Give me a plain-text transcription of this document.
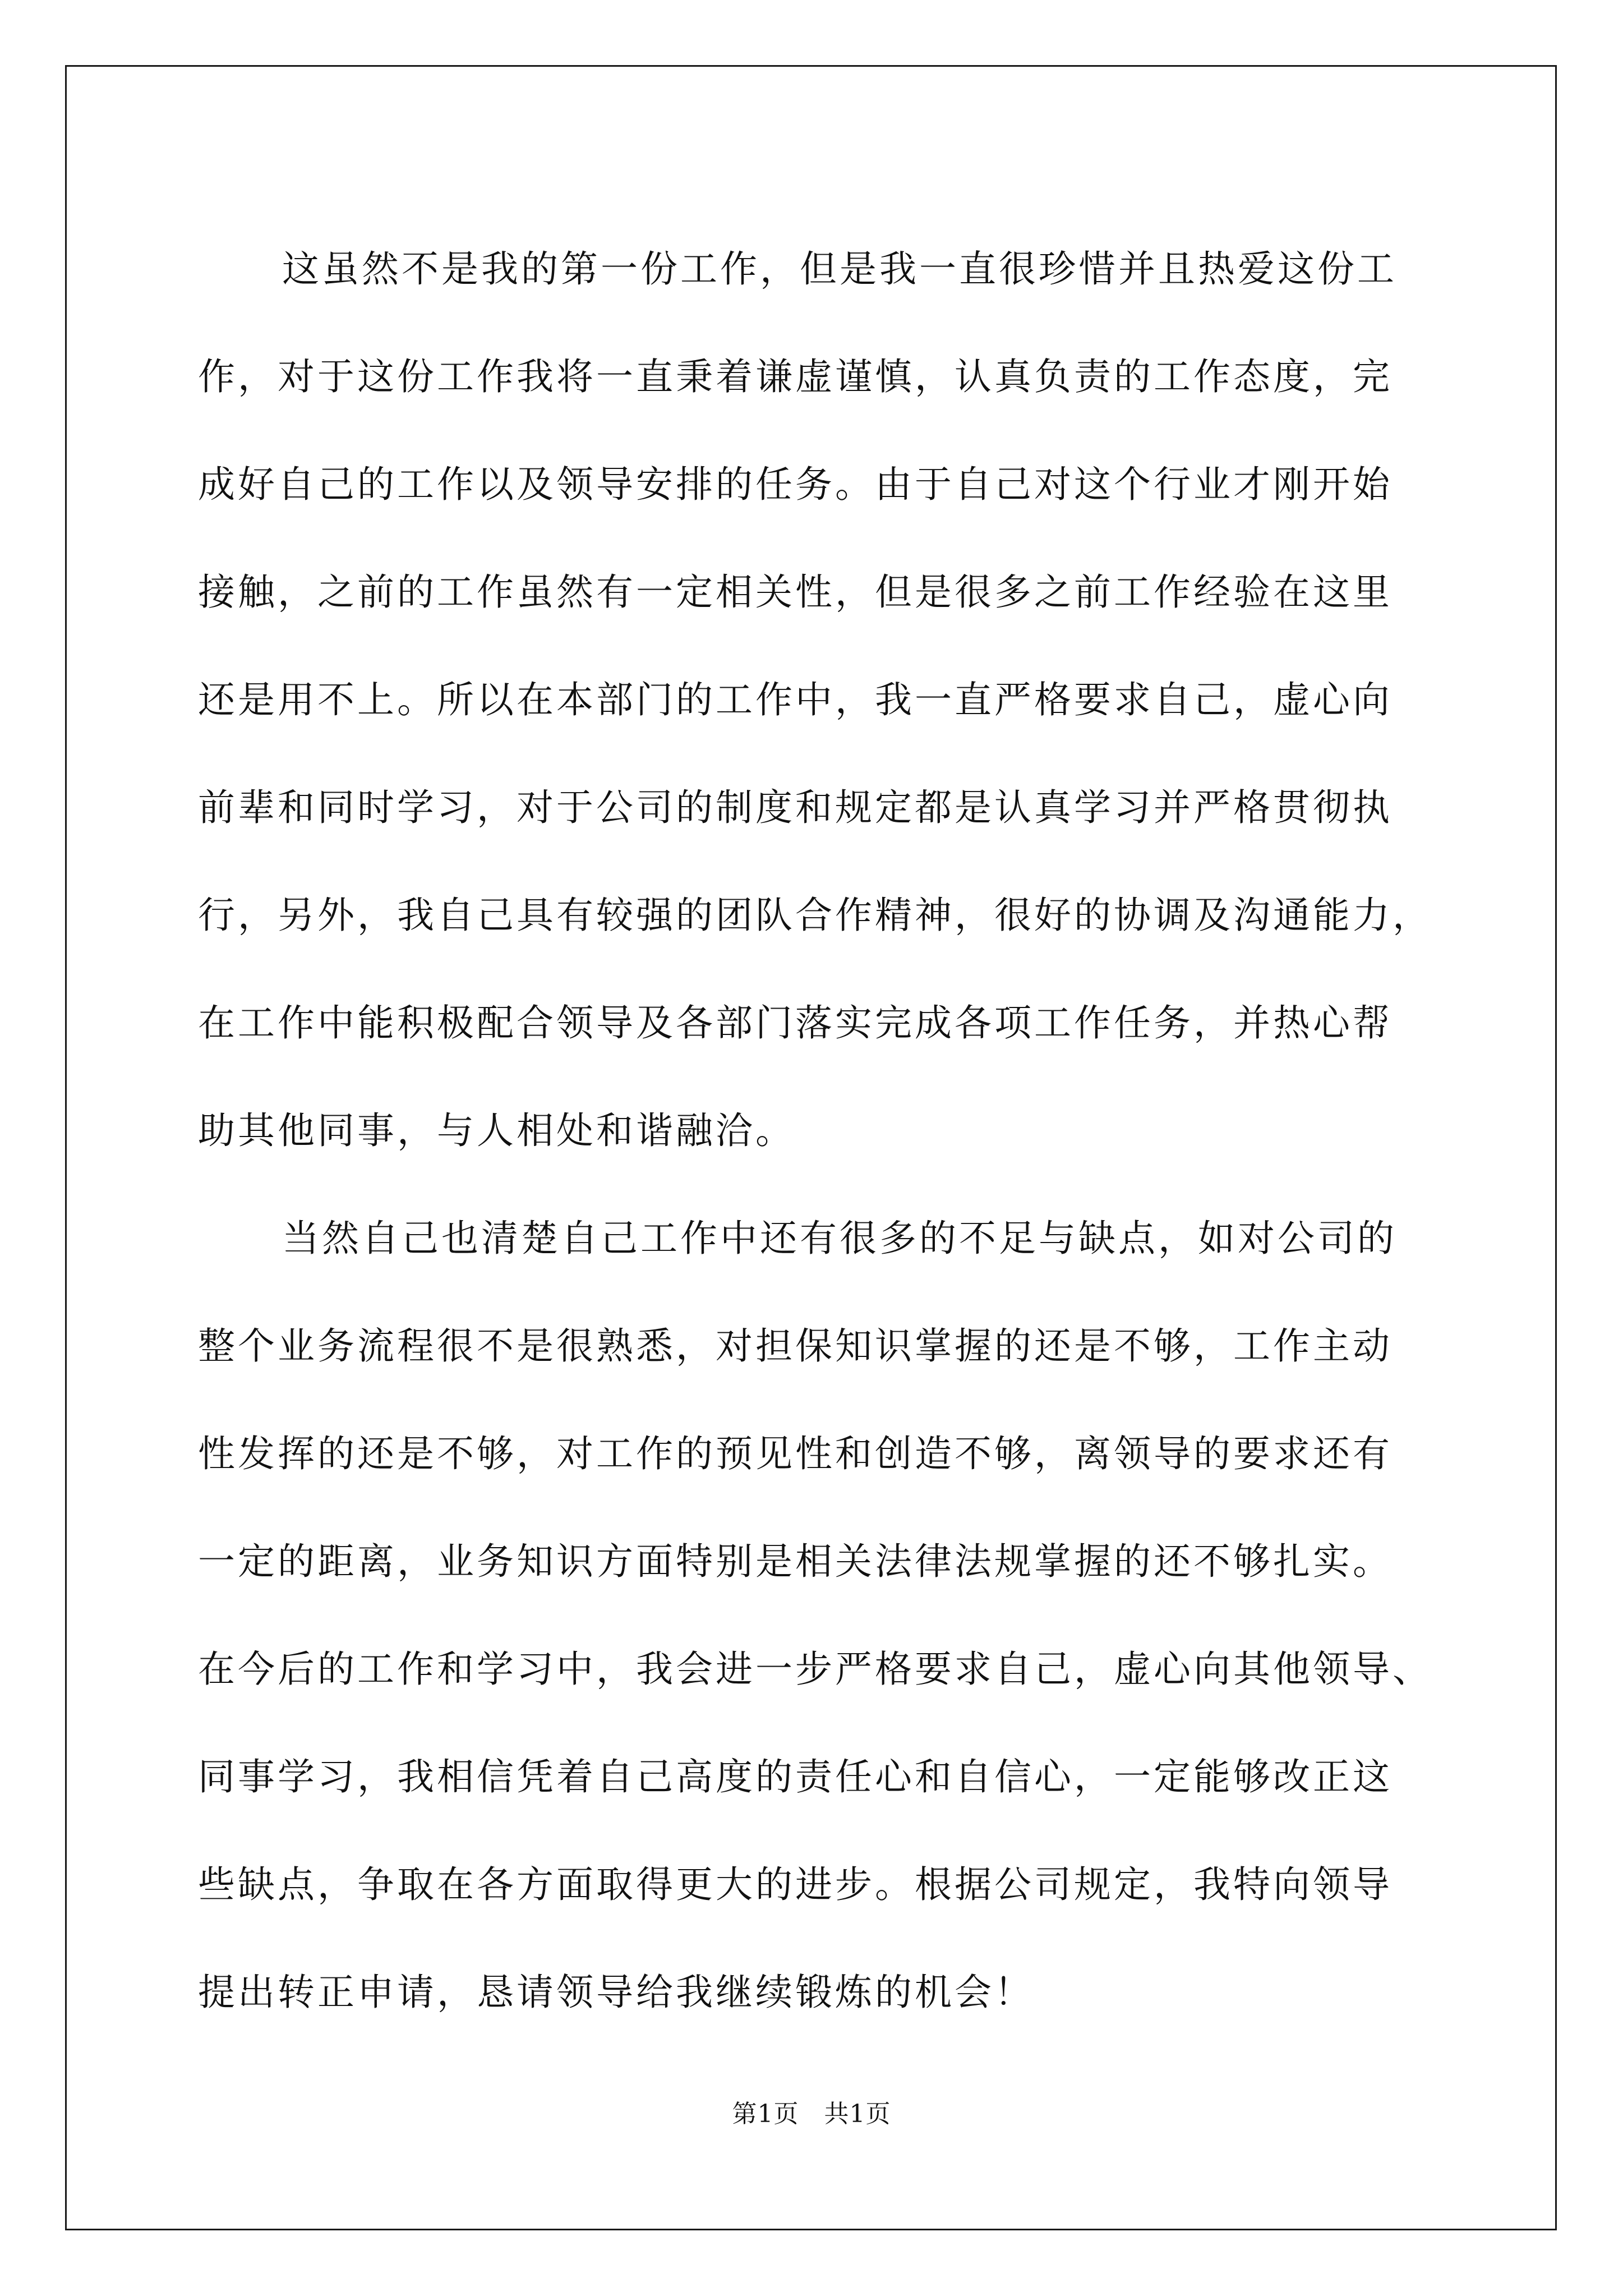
这虽然不是我的第一份工作，但是我一直很珍惜并且热爱这份工
作，对于这份工作我将一直秉着谦虚谨慎，认真负责的工作态度，完
成好自己的工作以及领导安排的任务。由于自己对这个行业才刚开始
接触，之前的工作虽然有一定相关性，但是很多之前工作经验在这里
还是用不上。所以在本部门的工作中，我一直严格要求自己，虚心向
前辈和同时学习，对于公司的制度和规定都是认真学习并严格贯彻执
行，另外，我自己具有较强的团队合作精神，很好的协调及沟通能力，
在工作中能积极配合领导及各部门落实完成各项工作任务，并热心帮
助其他同事，与人相处和谐融洽。
当然自己也清楚自己工作中还有很多的不足与缺点，如对公司的
整个业务流程很不是很熟悉，对担保知识掌握的还是不够，工作主动
性发挥的还是不够，对工作的预见性和创造不够，离领导的要求还有
一定的距离，业务知识方面特别是相关法律法规掌握的还不够扎实。
在今后的工作和学习中，我会进一步严格要求自己，虚心向其他领导、
同事学习，我相信凭着自己高度的责任心和自信心，一定能够改正这
些缺点，争取在各方面取得更大的进步。根据公司规定，我特向领导
提出转正申请，恳请领导给我继续锻炼的机会！
第1页   共1页
